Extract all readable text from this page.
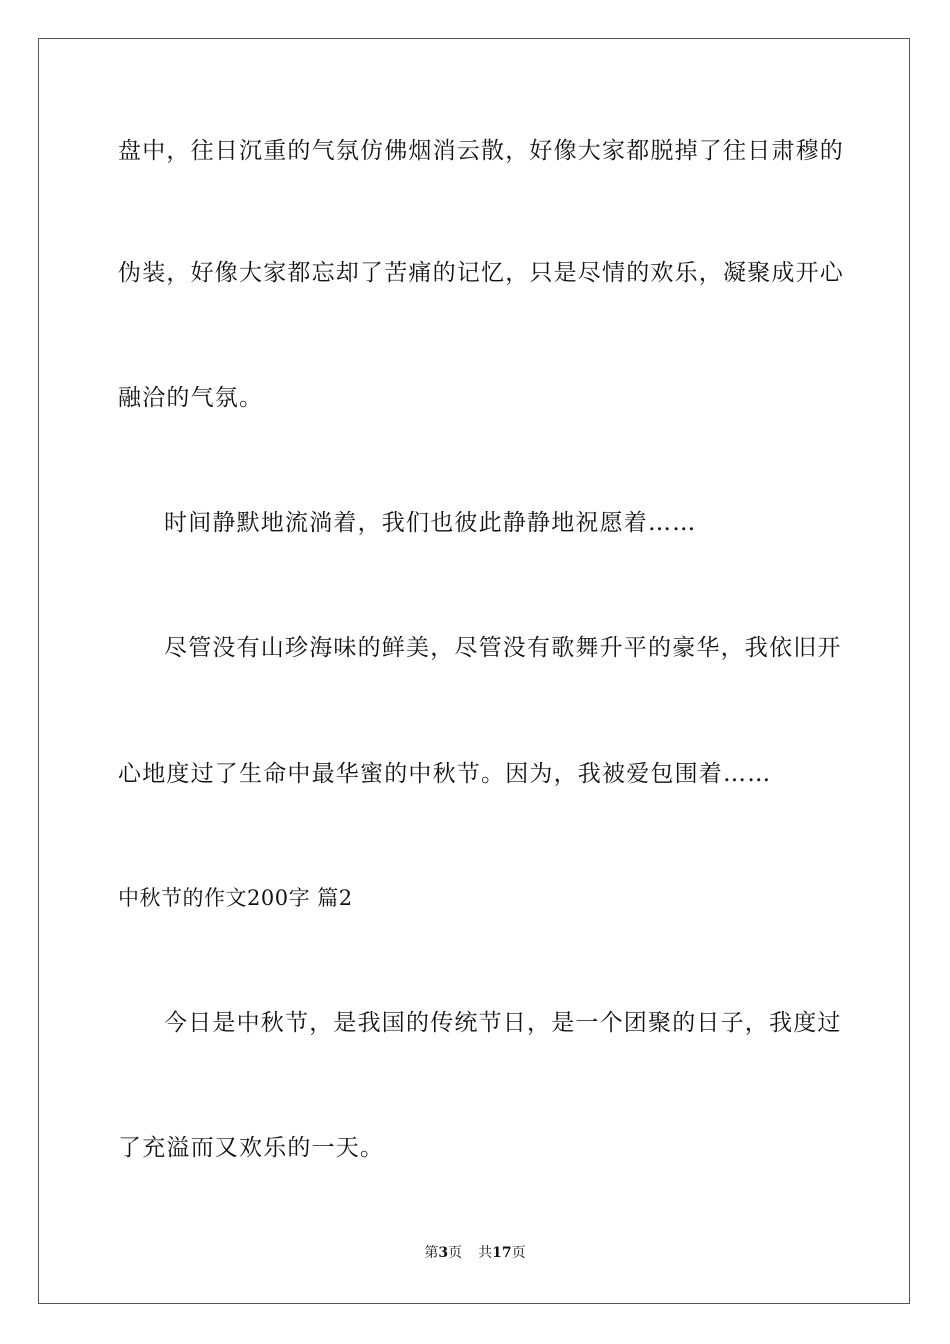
盘中，往日沉重的气氛仿佛烟消云散，好像大家都脱掉了往日肃穆的
伪装，好像大家都忘却了苦痛的记忆，只是尽情的欢乐，凝聚成开心
融洽的气氛。
时间静默地流淌着，我们也彼此静静地祝愿着……
尽管没有山珍海味的鲜美，尽管没有歌舞升平的豪华，我依旧开
心地度过了生命中最华蜜的中秋节。因为，我被爱包围着……
中秋节的作文200字 篇2
今日是中秋节，是我国的传统节日，是一个团聚的日子，我度过
了充溢而又欢乐的一天。
第3页 共17页
